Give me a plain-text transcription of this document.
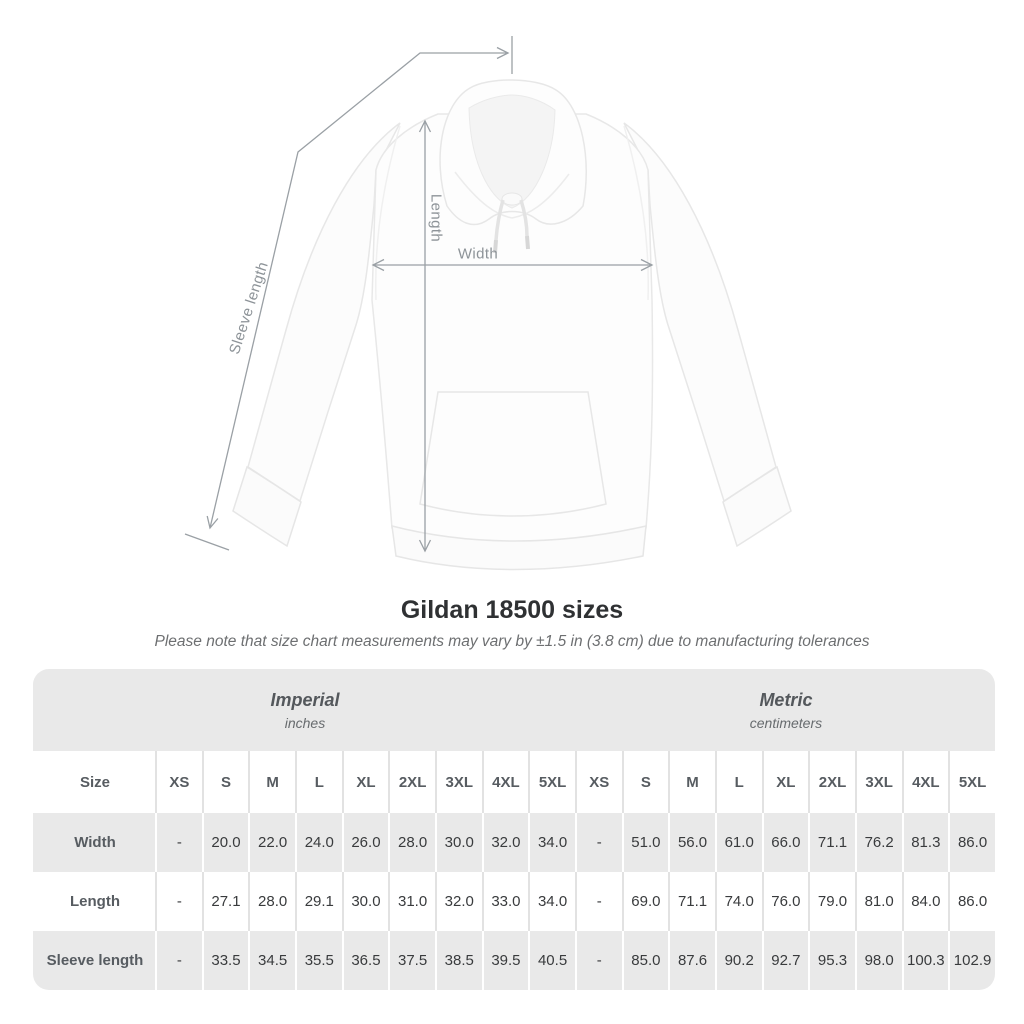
Width
Length
Sleeve length
Gildan 18500 sizes
Please note that size chart measurements may vary by ±1.5 in (3.8 cm) due to manufacturing tolerances
Imperial
inches

Metric
centimeters

Size	XS	S	M	L	XL	2XL	3XL	4XL	5XL	XS	S	M	L	XL	2XL	3XL	4XL	5XL
Width	-	20.0	22.0	24.0	26.0	28.0	30.0	32.0	34.0	-	51.0	56.0	61.0	66.0	71.1	76.2	81.3	86.0
Length	-	27.1	28.0	29.1	30.0	31.0	32.0	33.0	34.0	-	69.0	71.1	74.0	76.0	79.0	81.0	84.0	86.0
Sleeve length	-	33.5	34.5	35.5	36.5	37.5	38.5	39.5	40.5	-	85.0	87.6	90.2	92.7	95.3	98.0	100.3	102.9
